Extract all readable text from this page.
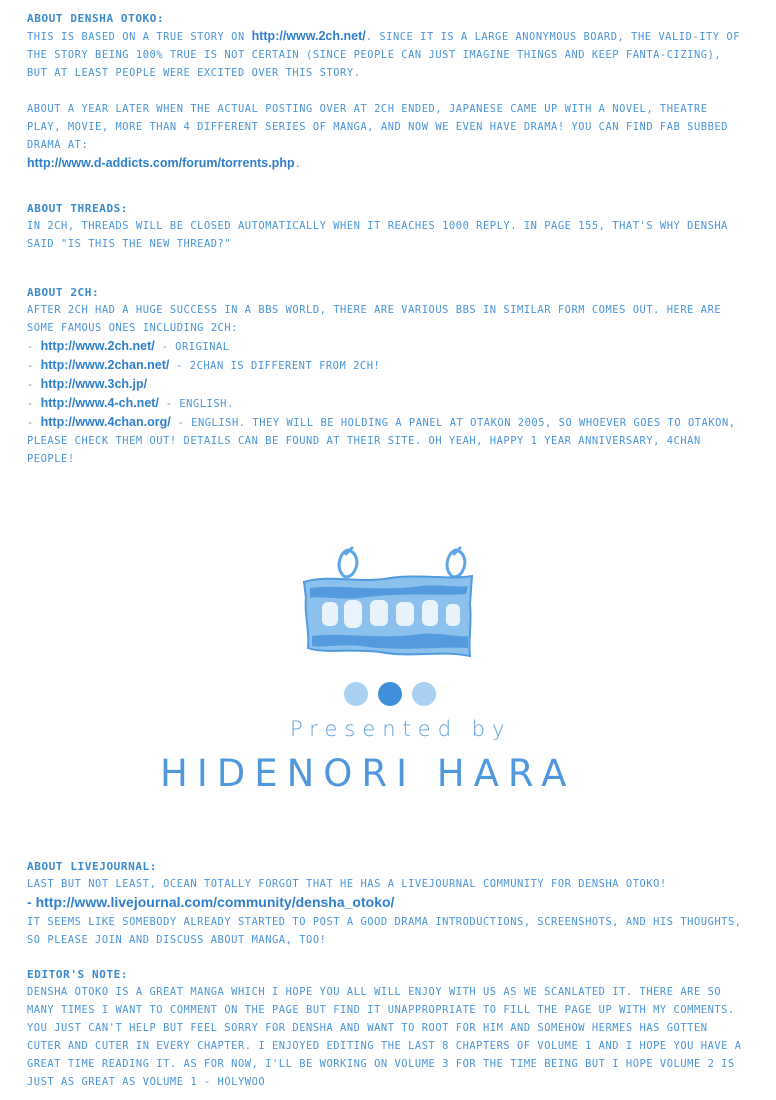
ABOUT DENSHA OTOKO:

THIS IS BASED ON A TRUE STORY ON http://www.2ch.net/. SINCE IT IS A LARGE ANONYMOUS BOARD, THE VALID-ITY OF THE STORY BEING 100% TRUE IS NOT CERTAIN (SINCE PEOPLE CAN JUST IMAGINE THINGS AND KEEP FANTA-CIZING), BUT AT LEAST PEOPLE WERE EXCITED OVER THIS STORY.

ABOUT A YEAR LATER WHEN THE ACTUAL POSTING OVER AT 2CH ENDED, JAPANESE CAME UP WITH A NOVEL, THEATRE PLAY, MOVIE, MORE THAN 4 DIFFERENT SERIES OF MANGA, AND NOW WE EVEN HAVE DRAMA! YOU CAN FIND FAB SUBBED DRAMA AT:
http://www.d-addicts.com/forum/torrents.php.

ABOUT THREADS:

IN 2CH, THREADS WILL BE CLOSED AUTOMATICALLY WHEN IT REACHES 1000 REPLY. IN PAGE 155, THAT'S WHY DENSHA SAID "IS THIS THE NEW THREAD?"

ABOUT 2CH:

AFTER 2CH HAD A HUGE SUCCESS IN A BBS WORLD, THERE ARE VARIOUS BBS IN SIMILAR FORM COMES OUT. HERE ARE SOME FAMOUS ONES INCLUDING 2CH:

- http://www.2ch.net/ - ORIGINAL

- http://www.2chan.net/ - 2CHAN IS DIFFERENT FROM 2CH!

- http://www.3ch.jp/

- http://www.4-ch.net/ - ENGLISH.

- http://www.4chan.org/ - ENGLISH. THEY WILL BE HOLDING A PANEL AT OTAKON 2005, SO WHOEVER GOES TO OTAKON, PLEASE CHECK THEM OUT! DETAILS CAN BE FOUND AT THEIR SITE. OH YEAH, HAPPY 1 YEAR ANNIVERSARY, 4CHAN PEOPLE!

Presented by
HIDENORI HARA
ABOUT LIVEJOURNAL:

LAST BUT NOT LEAST, OCEAN TOTALLY FORGOT THAT HE HAS A LIVEJOURNAL COMMUNITY FOR DENSHA OTOKO!

- http://www.livejournal.com/community/densha_otoko/

IT SEEMS LIKE SOMEBODY ALREADY STARTED TO POST A GOOD DRAMA INTRODUCTIONS, SCREENSHOTS, AND HIS THOUGHTS, SO PLEASE JOIN AND DISCUSS ABOUT MANGA, TOO!

EDITOR'S NOTE:

DENSHA OTOKO IS A GREAT MANGA WHICH I HOPE YOU ALL WILL ENJOY WITH US AS WE SCANLATED IT. THERE ARE SO MANY TIMES I WANT TO COMMENT ON THE PAGE BUT FIND IT UNAPPROPRIATE TO FILL THE PAGE UP WITH MY COMMENTS. YOU JUST CAN'T HELP BUT FEEL SORRY FOR DENSHA AND WANT TO ROOT FOR HIM AND SOMEHOW HERMES HAS GOTTEN CUTER AND CUTER IN EVERY CHAPTER. I ENJOYED EDITING THE LAST 8 CHAPTERS OF VOLUME 1 AND I HOPE YOU HAVE A GREAT TIME READING IT. AS FOR NOW, I'LL BE WORKING ON VOLUME 3 FOR THE TIME BEING BUT I HOPE VOLUME 2 IS JUST AS GREAT AS VOLUME 1 - HOLYWOO
